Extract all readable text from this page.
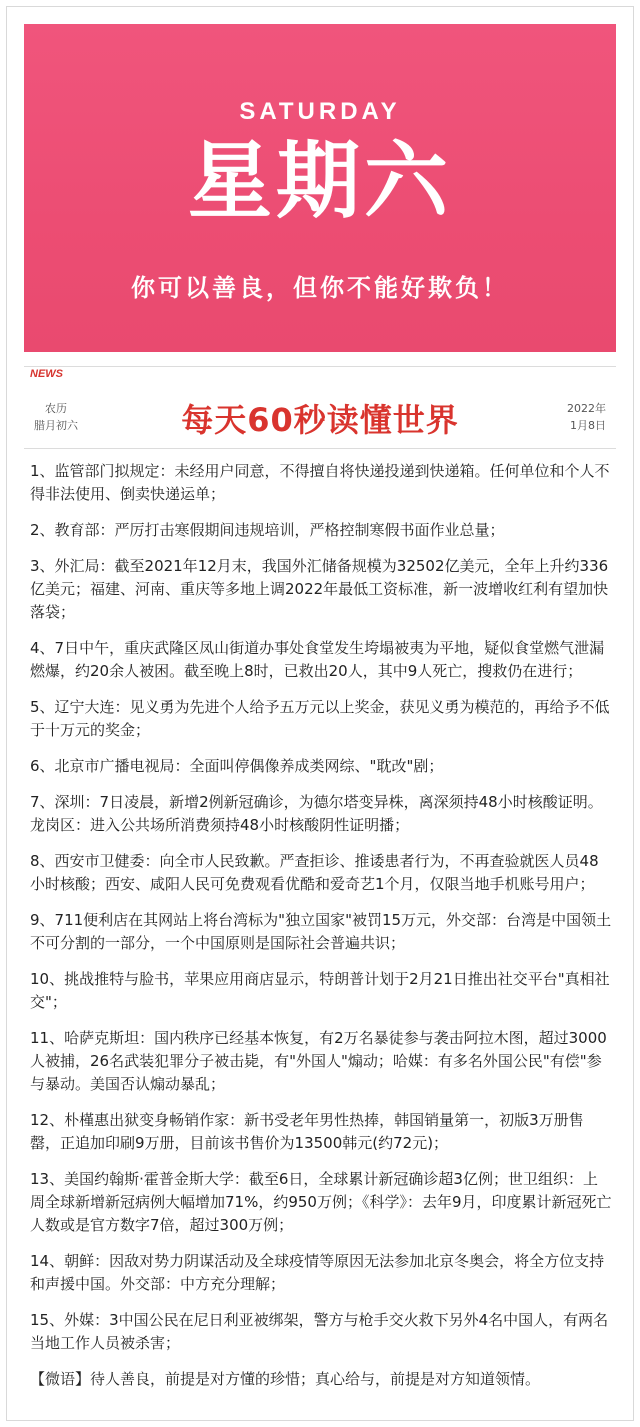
SATURDAY
星期六
你可以善良，但你不能好欺负！
NEWS
农历
腊月初六	每天60秒读懂世界	2022年
1月8日

1、监管部门拟规定：未经用户同意，不得擅自将快递投递到快递箱。任何单位和个人不得非法使用、倒卖快递运单；

2、教育部：严厉打击寒假期间违规培训，严格控制寒假书面作业总量；

3、外汇局：截至2021年12月末，我国外汇储备规模为32502亿美元，全年上升约336亿美元；福建、河南、重庆等多地上调2022年最低工资标准，新一波增收红利有望加快落袋；

4、7日中午，重庆武隆区凤山街道办事处食堂发生垮塌被夷为平地，疑似食堂燃气泄漏燃爆，约20余人被困。截至晚上8时，已救出20人，其中9人死亡，搜救仍在进行；

5、辽宁大连：见义勇为先进个人给予五万元以上奖金，获见义勇为模范的，再给予不低于十万元的奖金；

6、北京市广播电视局：全面叫停偶像养成类网综、"耽改"剧；

7、深圳：7日凌晨，新增2例新冠确诊，为德尔塔变异株，离深须持48小时核酸证明。龙岗区：进入公共场所消费须持48小时核酸阴性证明播；

8、西安市卫健委：向全市人民致歉。严查拒诊、推诿患者行为，不再查验就医人员48小时核酸；西安、咸阳人民可免费观看优酷和爱奇艺1个月，仅限当地手机账号用户；

9、711便利店在其网站上将台湾标为"独立国家"被罚15万元，外交部：台湾是中国领土不可分割的一部分，一个中国原则是国际社会普遍共识；

10、挑战推特与脸书，苹果应用商店显示，特朗普计划于2月21日推出社交平台"真相社交"；

11、哈萨克斯坦：国内秩序已经基本恢复，有2万名暴徒参与袭击阿拉木图，超过3000人被捕，26名武装犯罪分子被击毙，有"外国人"煽动；哈媒：有多名外国公民"有偿"参与暴动。美国否认煽动暴乱；

12、朴槿惠出狱变身畅销作家：新书受老年男性热捧，韩国销量第一，初版3万册售罄，正追加印刷9万册，目前该书售价为13500韩元(约72元)；

13、美国约翰斯·霍普金斯大学：截至6日，全球累计新冠确诊超3亿例；世卫组织：上周全球新增新冠病例大幅增加71%，约950万例；《科学》：去年9月，印度累计新冠死亡人数或是官方数字7倍，超过300万例；

14、朝鲜：因敌对势力阴谋活动及全球疫情等原因无法参加北京冬奥会，将全方位支持和声援中国。外交部：中方充分理解；

15、外媒：3中国公民在尼日利亚被绑架，警方与枪手交火救下另外4名中国人，有两名当地工作人员被杀害；

【微语】待人善良，前提是对方懂的珍惜；真心给与，前提是对方知道领情。
